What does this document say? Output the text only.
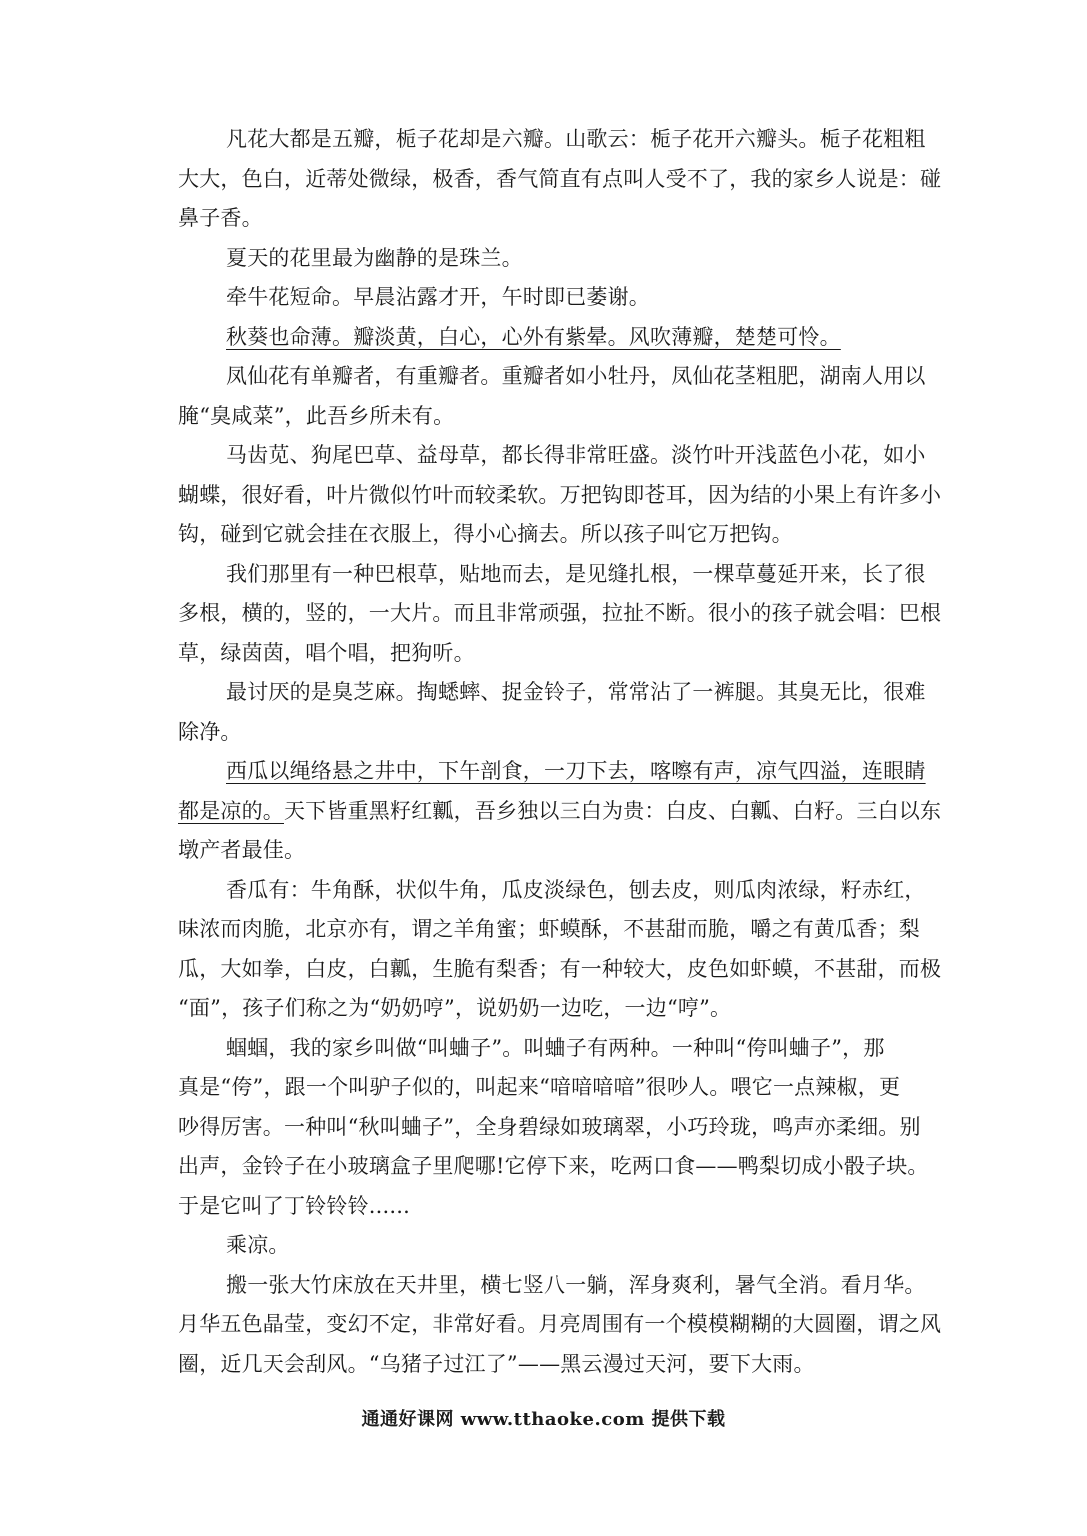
凡花大都是五瓣，栀子花却是六瓣。山歌云：栀子花开六瓣头。栀子花粗粗
大大，色白，近蒂处微绿，极香，香气简直有点叫人受不了，我的家乡人说是：碰
鼻子香。
夏天的花里最为幽静的是珠兰。
牵牛花短命。早晨沾露才开，午时即已萎谢。
秋葵也命薄。瓣淡黄，白心，心外有紫晕。风吹薄瓣，楚楚可怜。
凤仙花有单瓣者，有重瓣者。重瓣者如小牡丹，凤仙花茎粗肥，湖南人用以
腌“臭咸菜”，此吾乡所未有。
马齿苋、狗尾巴草、益母草，都长得非常旺盛。淡竹叶开浅蓝色小花，如小
蝴蝶，很好看，叶片微似竹叶而较柔软。万把钩即苍耳，因为结的小果上有许多小
钩，碰到它就会挂在衣服上，得小心摘去。所以孩子叫它万把钩。
我们那里有一种巴根草，贴地而去，是见缝扎根，一棵草蔓延开来，长了很
多根，横的，竖的，一大片。而且非常顽强，拉扯不断。很小的孩子就会唱：巴根
草，绿茵茵，唱个唱，把狗听。
最讨厌的是臭芝麻。掏蟋蟀、捉金铃子，常常沾了一裤腿。其臭无比，很难
除净。
西瓜以绳络悬之井中，下午剖食，一刀下去，喀嚓有声，凉气四溢，连眼睛
都是凉的。天下皆重黑籽红瓤，吾乡独以三白为贵：白皮、白瓤、白籽。三白以东
墩产者最佳。
香瓜有：牛角酥，状似牛角，瓜皮淡绿色，刨去皮，则瓜肉浓绿，籽赤红，
味浓而肉脆，北京亦有，谓之羊角蜜；虾蟆酥，不甚甜而脆，嚼之有黄瓜香；梨
瓜，大如拳，白皮，白瓤，生脆有梨香；有一种较大，皮色如虾蟆，不甚甜，而极
“面”，孩子们称之为“奶奶哼”，说奶奶一边吃，一边“哼”。
蝈蝈，我的家乡叫做“叫蛐子”。叫蛐子有两种。一种叫“侉叫蛐子”，那
真是“侉”，跟一个叫驴子似的，叫起来“喑喑喑喑”很吵人。喂它一点辣椒，更
吵得厉害。一种叫“秋叫蛐子”，全身碧绿如玻璃翠，小巧玲珑，鸣声亦柔细。别
出声，金铃子在小玻璃盒子里爬哪!它停下来，吃两口食——鸭梨切成小骰子块。
于是它叫了丁铃铃铃......
乘凉。
搬一张大竹床放在天井里，横七竖八一躺，浑身爽利，暑气全消。看月华。
月华五色晶莹，变幻不定，非常好看。月亮周围有一个模模糊糊的大圆圈，谓之风
圈，近几天会刮风。“乌猪子过江了”——黑云漫过天河，要下大雨。
通通好课网 www.tthaoke.com 提供下载
